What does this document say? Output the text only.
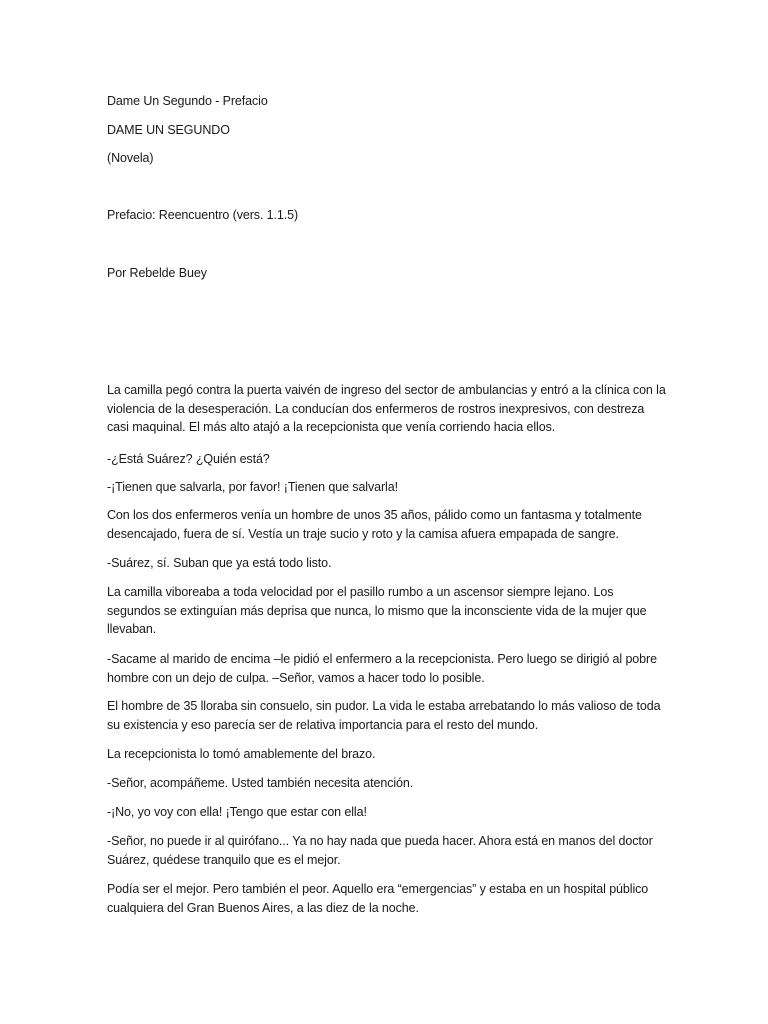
Dame Un Segundo - Prefacio

DAME UN SEGUNDO

(Novela)

Prefacio: Reencuentro (vers. 1.1.5)

Por Rebelde Buey

La camilla pegó contra la puerta vaivén de ingreso del sector de ambulancias y entró a la clínica con la violencia de la desesperación. La conducían dos enfermeros de rostros inexpresivos, con destreza casi maquinal. El más alto atajó a la recepcionista que venía corriendo hacia ellos.

-¿Está Suárez? ¿Quién está?

-¡Tienen que salvarla, por favor! ¡Tienen que salvarla!

Con los dos enfermeros venía un hombre de unos 35 años, pálido como un fantasma y totalmente desencajado, fuera de sí. Vestía un traje sucio y roto y la camisa afuera empapada de sangre.

-Suárez, sí. Suban que ya está todo listo.

La camilla viboreaba a toda velocidad por el pasillo rumbo a un ascensor siempre lejano. Los segundos se extinguían más deprisa que nunca, lo mismo que la inconsciente vida de la mujer que llevaban.

-Sacame al marido de encima –le pidió el enfermero a la recepcionista. Pero luego se dirigió al pobre hombre con un dejo de culpa. –Señor, vamos a hacer todo lo posible.

El hombre de 35 lloraba sin consuelo, sin pudor. La vida le estaba arrebatando lo más valioso de toda su existencia y eso parecía ser de relativa importancia para el resto del mundo.

La recepcionista lo tomó amablemente del brazo.

-Señor, acompáñeme. Usted también necesita atención.

-¡No, yo voy con ella! ¡Tengo que estar con ella!

-Señor, no puede ir al quirófano... Ya no hay nada que pueda hacer. Ahora está en manos del doctor Suárez, quédese tranquilo que es el mejor.

Podía ser el mejor. Pero también el peor. Aquello era “emergencias” y estaba en un hospital público cualquiera del Gran Buenos Aires, a las diez de la noche.
